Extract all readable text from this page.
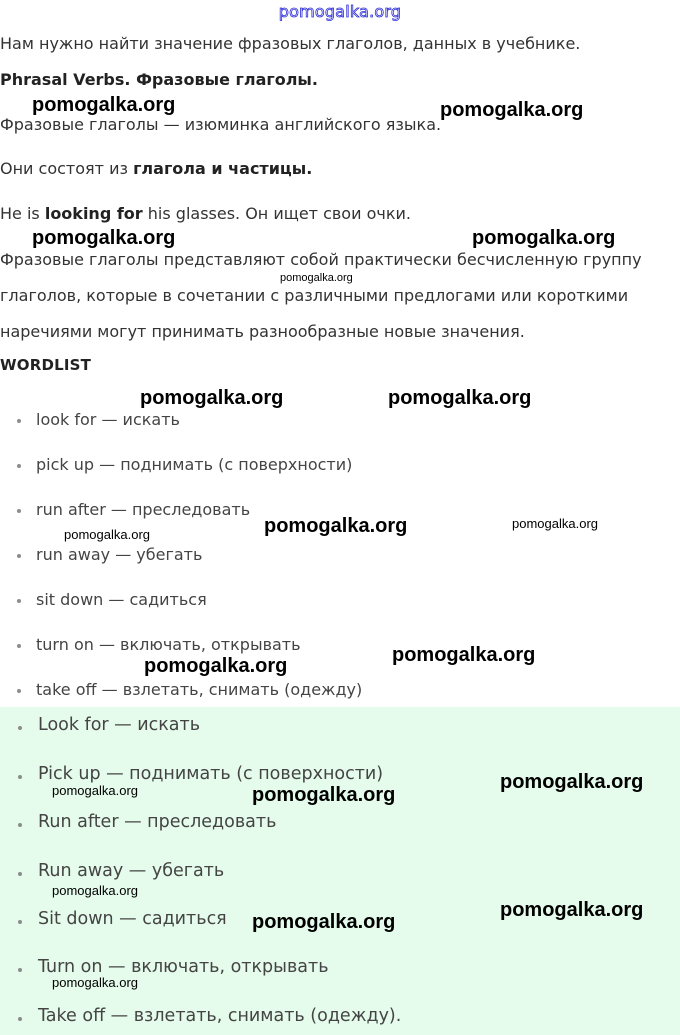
pomogalka.org
Нам нужно найти значение фразовых глаголов, данных в учебнике.
Phrasal Verbs. Фразовые глаголы.
Фразовые глаголы — изюминка английского языка.
Они состоят из глагола и частицы.
He is looking for his glasses. Он ищет свои очки.
Фразовые глаголы представляют собой практически бесчисленную группу
глаголов, которые в сочетании с различными предлогами или короткими
наречиями могут принимать разнообразные новые значения.
WORDLIST
look for — искать
pick up — поднимать (с поверхности)
run after — преследовать
run away — убегать
sit down — садиться
turn on — включать, открывать
take off — взлетать, снимать (одежду)
Look for — искать
Pick up — поднимать (с поверхности)
Run after — преследовать
Run away — убегать
Sit down — садиться
Turn on — включать, открывать
Take off — взлетать, снимать (одежду).
pomogalka.org	pomogalka.org
pomogalka.org	pomogalka.org
pomogalka.org
pomogalka.org	pomogalka.org
pomogalka.org
pomogalka.org
pomogalka.org
pomogalka.org	pomogalka.org
pomogalka.org
pomogalka.org	pomogalka.org
pomogalka.org
pomogalka.org
pomogalka.org
pomogalka.org
